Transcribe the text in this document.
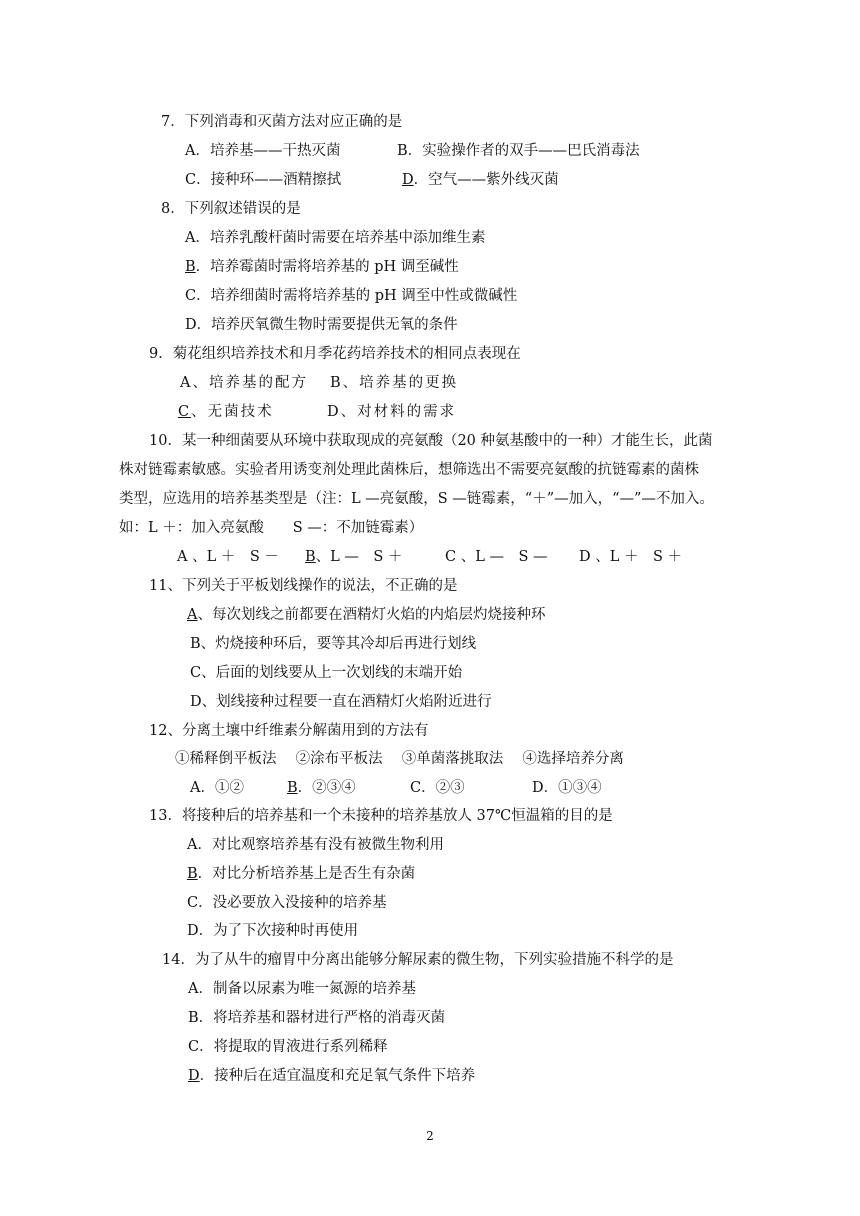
7．下列消毒和灭菌方法对应正确的是
A．培养基——干热灭菌	B．实验操作者的双手——巴氏消毒法
C．接种环——酒精擦拭	D．空气——紫外线灭菌
8．下列叙述错误的是
A．培养乳酸杆菌时需要在培养基中添加维生素
B．培养霉菌时需将培养基的 pH 调至碱性
C．培养细菌时需将培养基的 pH 调至中性或微碱性
D．培养厌氧微生物时需要提供无氧的条件
9．菊花组织培养技术和月季花药培养技术的相同点表现在
A、培养基的配方 B、培养基的更换
C、无菌技术	D、对材料的需求
10．某一种细菌要从环境中获取现成的亮氨酸（20 种氨基酸中的一种）才能生长，此菌
株对链霉素敏感。实验者用诱变剂处理此菌株后，想筛选出不需要亮氨酸的抗链霉素的菌株
类型，应选用的培养基类型是（注：L —亮氨酸，S —链霉素，“＋”—加入，“—”—不加入。
如：L ＋：加入亮氨酸　　S —：不加链霉素）
A 、L ＋　S － B、L —　S ＋	C 、L —　S — D 、L ＋　S ＋
11、下列关于平板划线操作的说法，不正确的是
A、每次划线之前都要在酒精灯火焰的内焰层灼烧接种环
B、灼烧接种环后，要等其冷却后再进行划线
C、后面的划线要从上一次划线的末端开始
D、划线接种过程要一直在酒精灯火焰附近进行
12、分离土壤中纤维素分解菌用到的方法有
①稀释倒平板法　 ②涂布平板法　 ③单菌落挑取法　 ④选择培养分离
A．①②	B．②③④	C．②③	D．①③④
13．将接种后的培养基和一个未接种的培养基放人 37℃恒温箱的目的是
A．对比观察培养基有没有被微生物利用
B．对比分析培养基上是否生有杂菌
C．没必要放入没接种的培养基
D．为了下次接种时再使用
14．为了从牛的瘤胃中分离出能够分解尿素的微生物，下列实验措施不科学的是
A．制备以尿素为唯一氮源的培养基
B．将培养基和器材进行严格的消毒灭菌
C．将提取的胃液进行系列稀释
D．接种后在适宜温度和充足氧气条件下培养
2
